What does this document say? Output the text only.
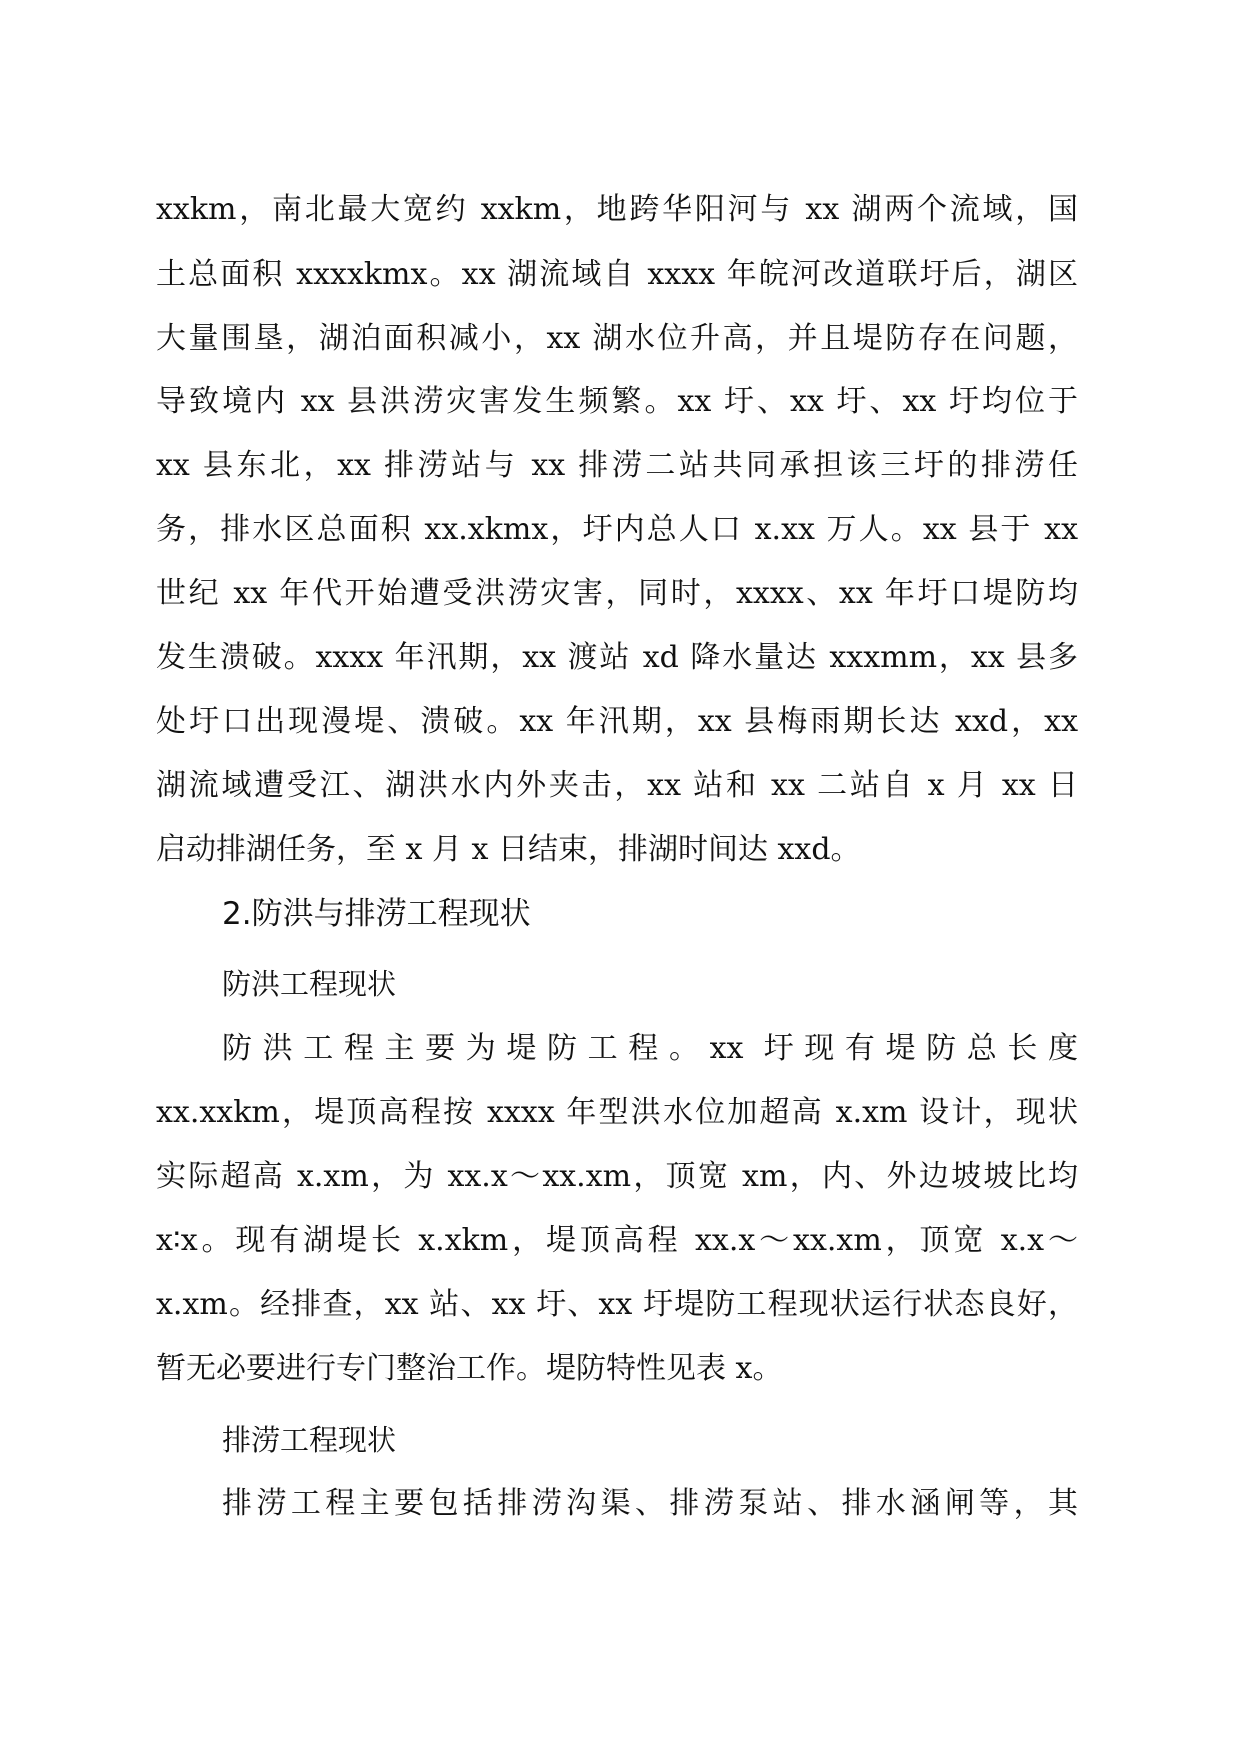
xxkm，南北最大宽约 xxkm，地跨华阳河与 xx 湖两个流域，国

土总面积 xxxxkmx。xx 湖流域自 xxxx 年皖河改道联圩后，湖区

大量围垦，湖泊面积减小，xx 湖水位升高，并且堤防存在问题，

导致境内 xx 县洪涝灾害发生频繁。xx 圩、xx 圩、xx 圩均位于

xx 县东北，xx 排涝站与 xx 排涝二站共同承担该三圩的排涝任

务，排水区总面积 xx.xkmx，圩内总人口 x.xx 万人。xx 县于 xx

世纪 xx 年代开始遭受洪涝灾害，同时，xxxx、xx 年圩口堤防均

发生溃破。xxxx 年汛期，xx 渡站 xd 降水量达 xxxmm，xx 县多

处圩口出现漫堤、溃破。xx 年汛期，xx 县梅雨期长达 xxd，xx

湖流域遭受江、湖洪水内外夹击，xx 站和 xx 二站自 x 月 xx 日

启动排湖任务，至 x 月 x 日结束，排湖时间达 xxd。

2.防洪与排涝工程现状
防洪工程现状

防洪工程主要为堤防工程。xx 圩现有堤防总长度

xx.xxkm，堤顶高程按 xxxx 年型洪水位加超高 x.xm 设计，现状

实际超高 x.xm，为 xx.x～xx.xm，顶宽 xm，内、外边坡坡比均

x∶x。现有湖堤长 x.xkm，堤顶高程 xx.x～xx.xm，顶宽 x.x～

x.xm。经排查，xx 站、xx 圩、xx 圩堤防工程现状运行状态良好，

暂无必要进行专门整治工作。堤防特性见表 x。

排涝工程现状

排涝工程主要包括排涝沟渠、排涝泵站、排水涵闸等，其
